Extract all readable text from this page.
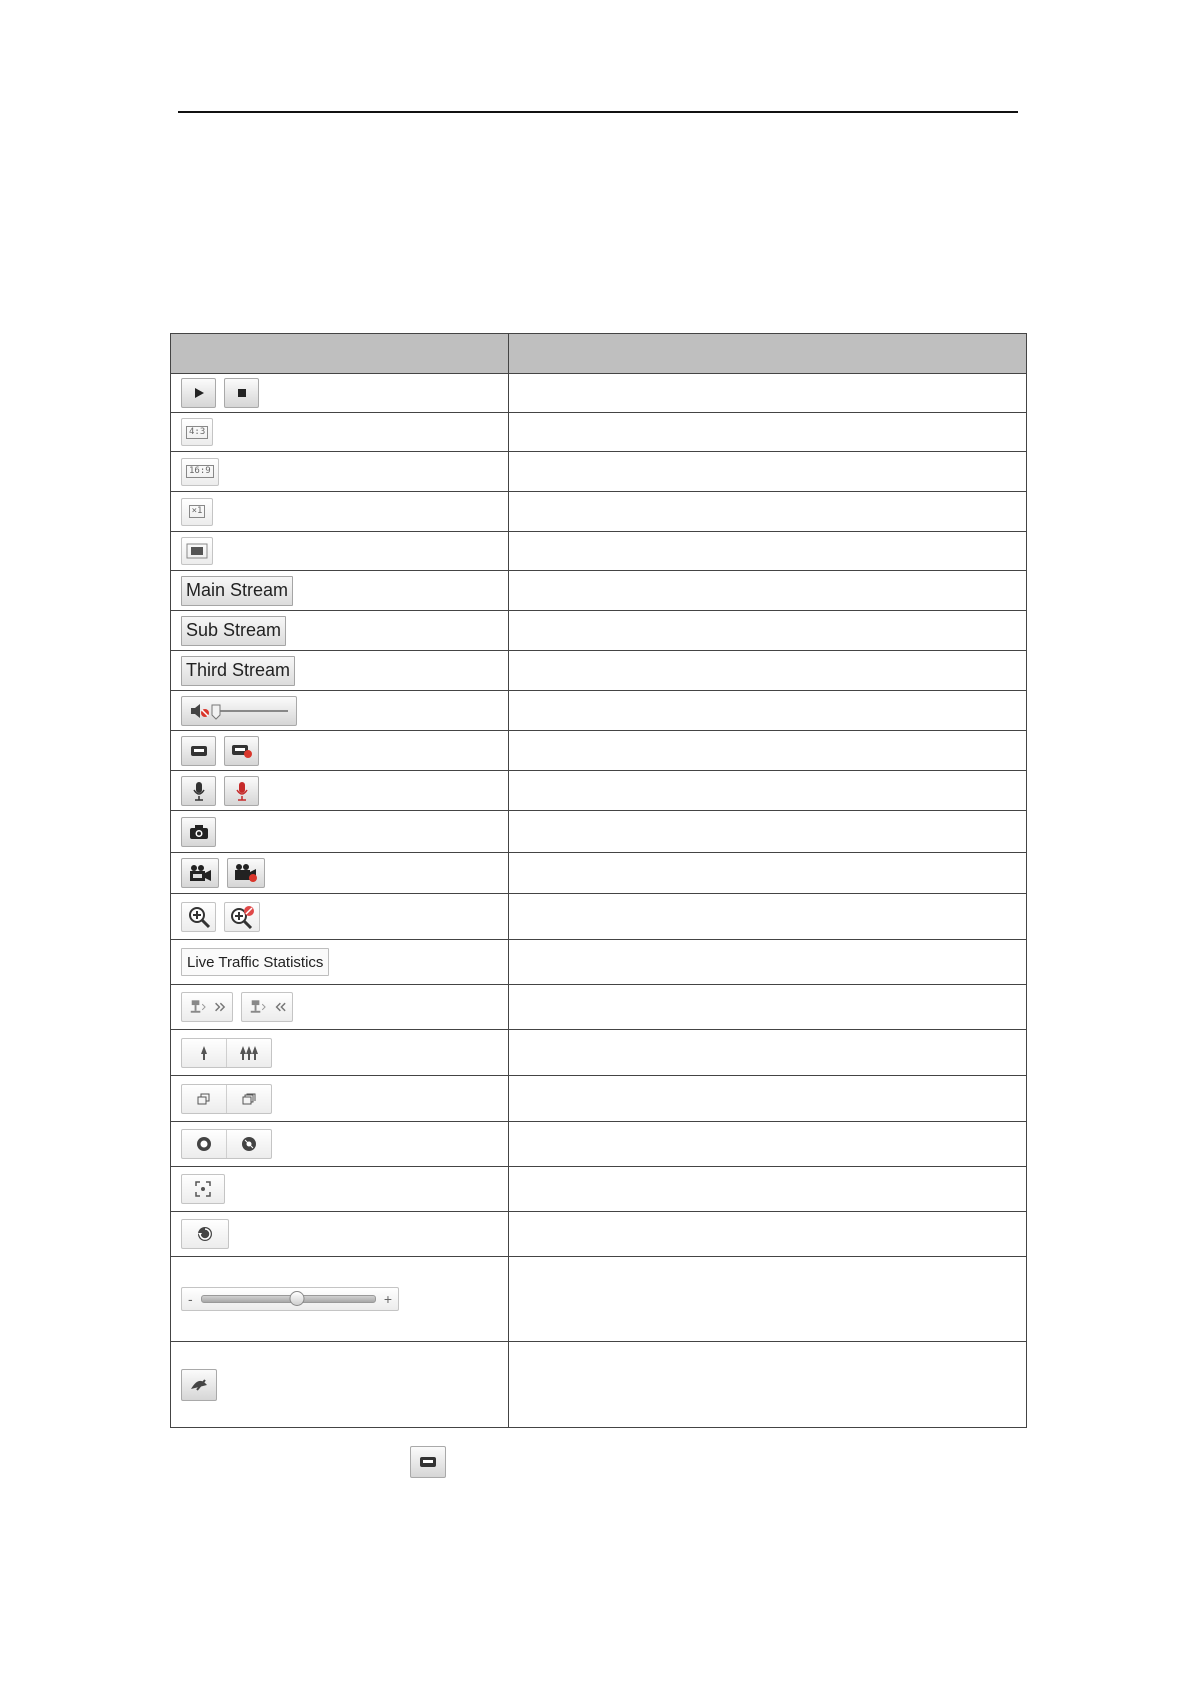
4:3	

16:9	

×1	

Main Stream	

Sub Stream	

Third Stream	

Live Traffic Statistics	

- +	
